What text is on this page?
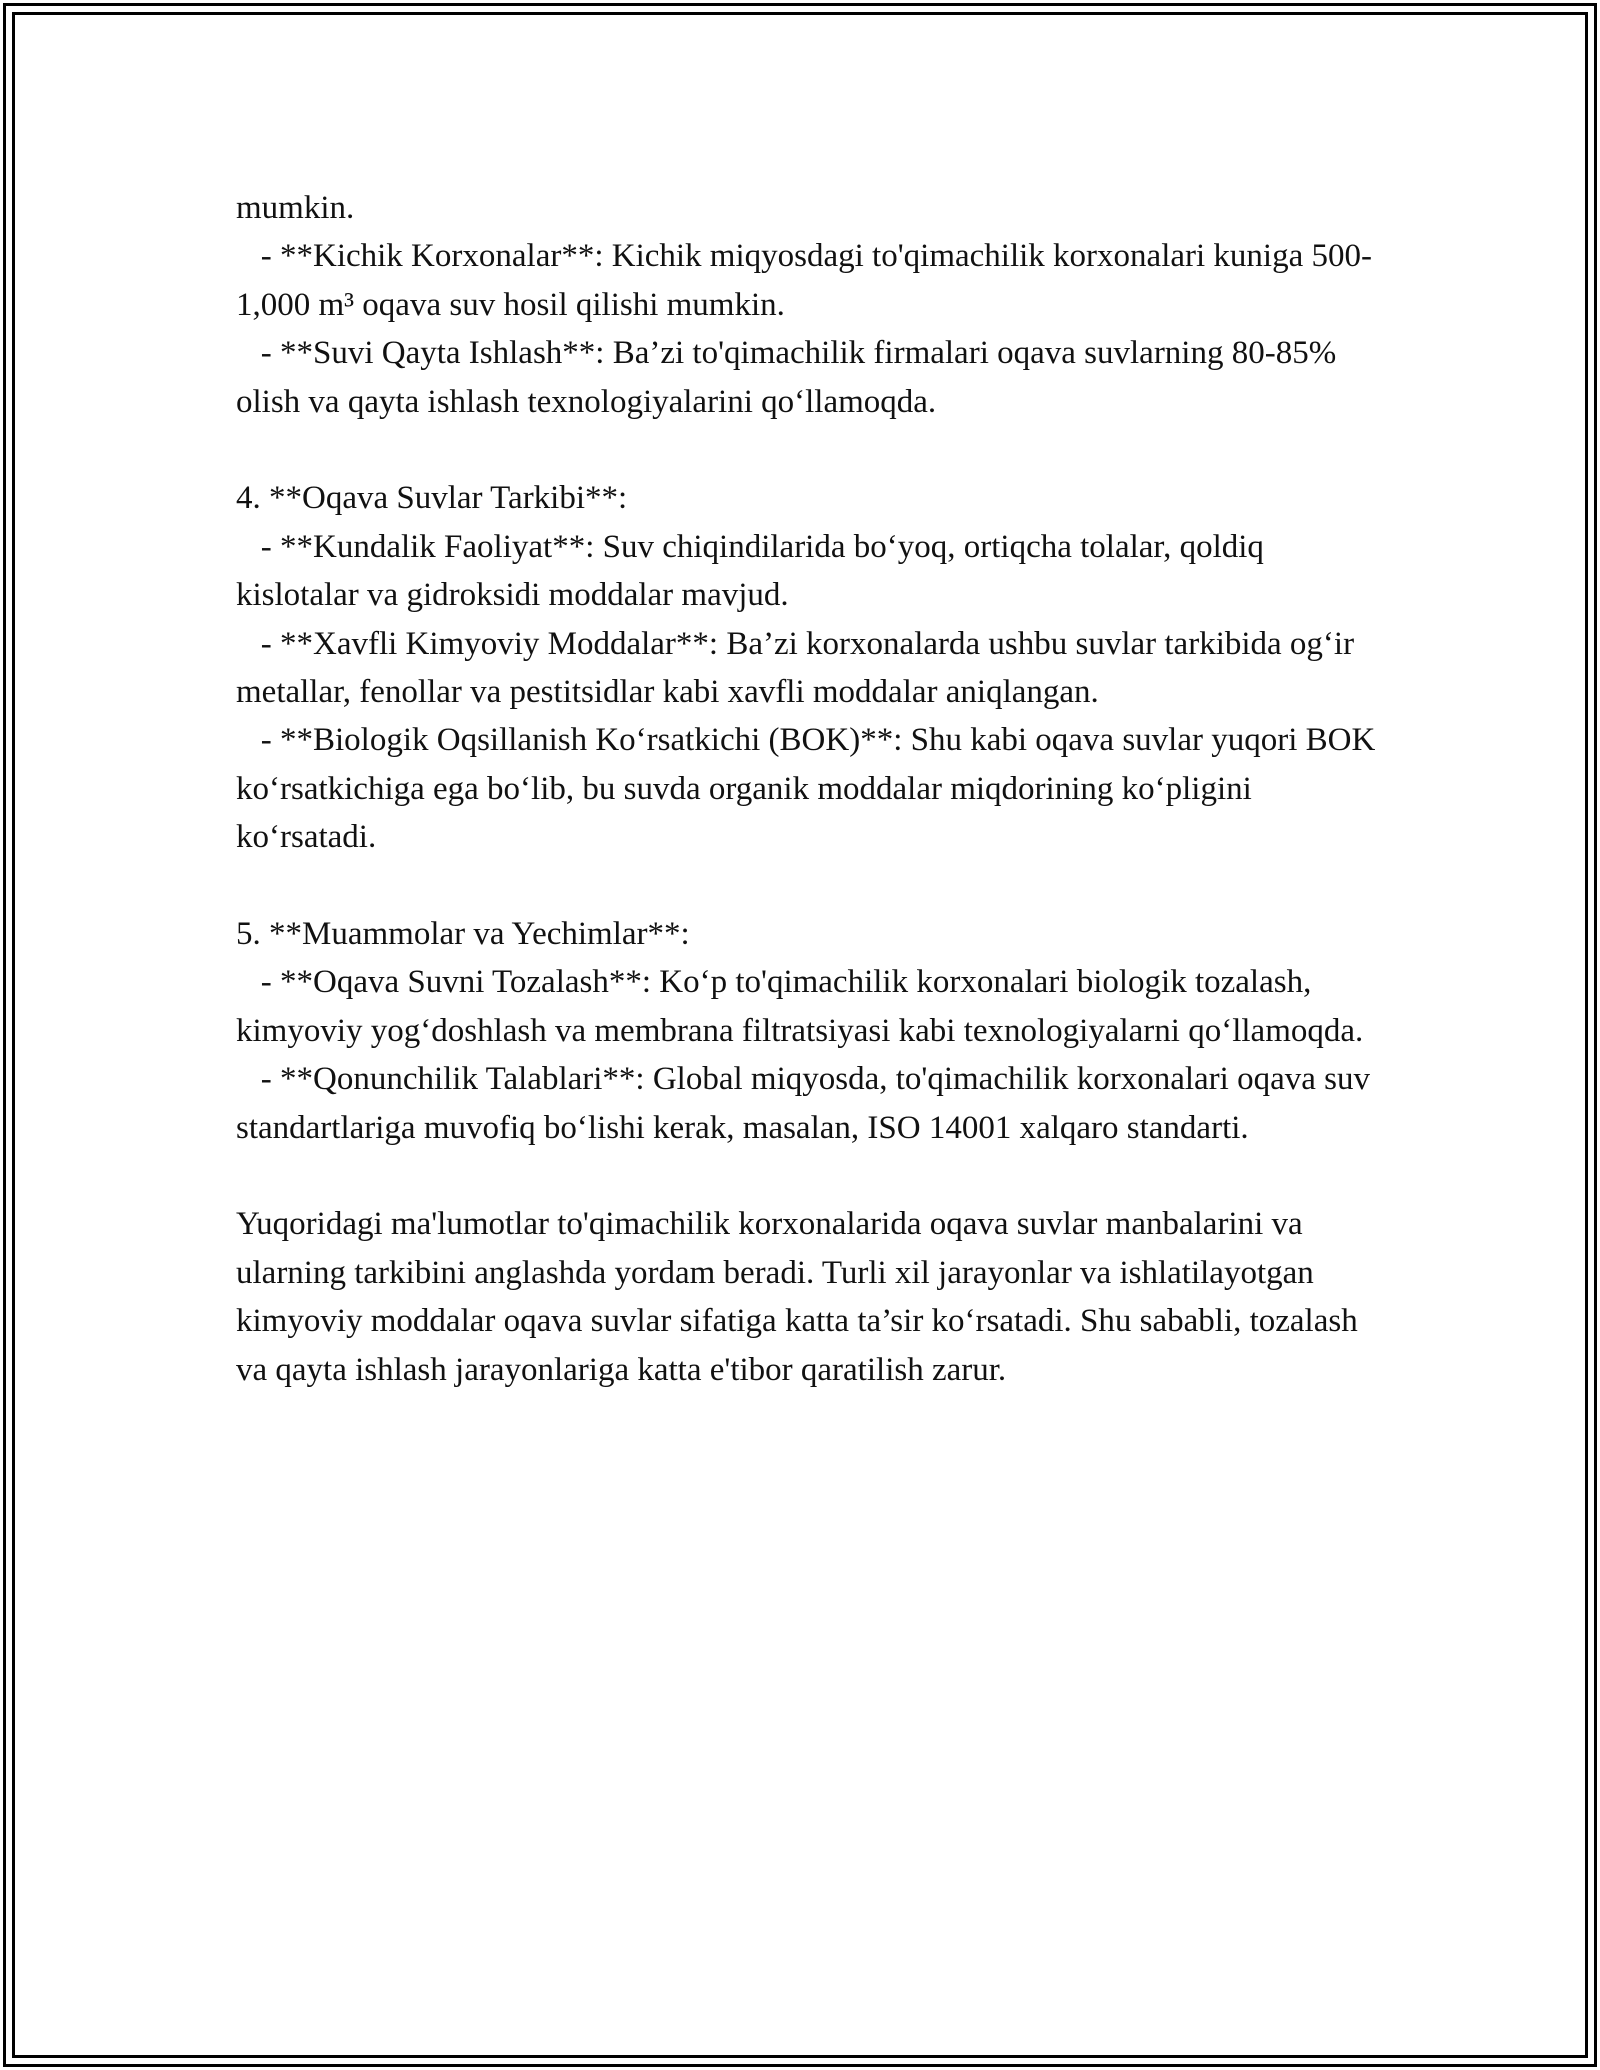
mumkin.

- **Kichik Korxonalar**: Kichik miqyosdagi to'qimachilik korxonalari kuniga 500-1,000 m³ oqava suv hosil qilishi mumkin.

- **Suvi Qayta Ishlash**: Ba’zi to'qimachilik firmalari oqava suvlarning 80-85% olish va qayta ishlash texnologiyalarini qo‘llamoqda.

4. **Oqava Suvlar Tarkibi**:

- **Kundalik Faoliyat**: Suv chiqindilarida bo‘yoq, ortiqcha tolalar, qoldiq kislotalar va gidroksidi moddalar mavjud.

- **Xavfli Kimyoviy Moddalar**: Ba’zi korxonalarda ushbu suvlar tarkibida og‘ir metallar, fenollar va pestitsidlar kabi xavfli moddalar aniqlangan.

- **Biologik Oqsillanish Ko‘rsatkichi (BOK)**: Shu kabi oqava suvlar yuqori BOK ko‘rsatkichiga ega bo‘lib, bu suvda organik moddalar miqdorining ko‘pligini ko‘rsatadi.

5. **Muammolar va Yechimlar**:

- **Oqava Suvni Tozalash**: Ko‘p to'qimachilik korxonalari biologik tozalash, kimyoviy yog‘doshlash va membrana filtratsiyasi kabi texnologiyalarni qo‘llamoqda.

- **Qonunchilik Talablari**: Global miqyosda, to'qimachilik korxonalari oqava suv standartlariga muvofiq bo‘lishi kerak, masalan, ISO 14001 xalqaro standarti.

Yuqoridagi ma'lumotlar to'qimachilik korxonalarida oqava suvlar manbalarini va ularning tarkibini anglashda yordam beradi. Turli xil jarayonlar va ishlatilayotgan kimyoviy moddalar oqava suvlar sifatiga katta ta’sir ko‘rsatadi. Shu sababli, tozalash va qayta ishlash jarayonlariga katta e'tibor qaratilish zarur.
